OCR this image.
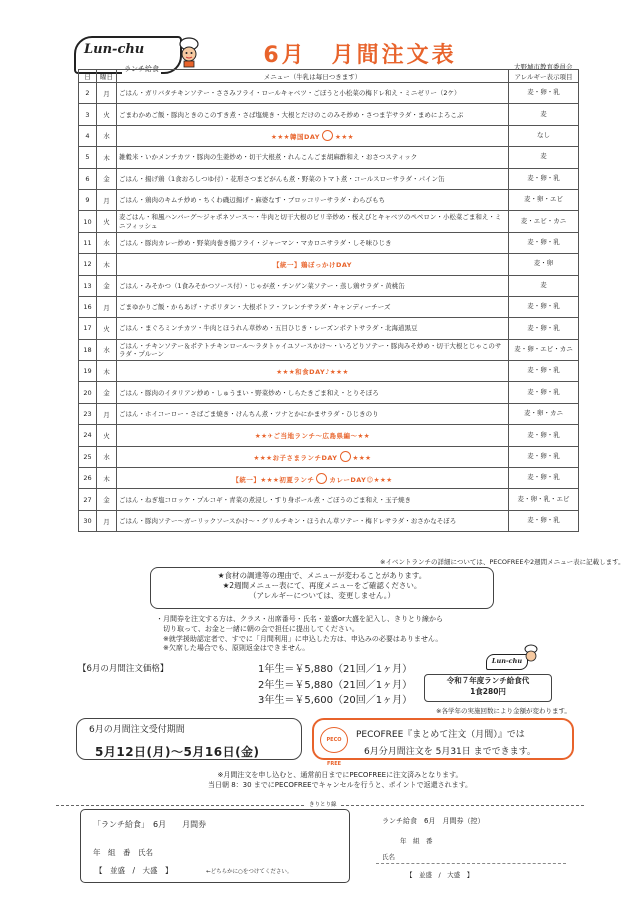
Lun-chu
ランチ給食
6月　月間注文表	大野城市教育委員会
日	曜日	メニュー（牛乳は毎日つきます）	アレルギー表示項目
2	月	ごはん・ガリバタチキンソテー・ささみフライ・ロールキャベツ・ごぼうと小松菜の梅ドレ和え・ミニゼリー（2ケ）	麦・卵・乳
3	火	ごまわかめご飯・豚肉ときのこのすき煮・さば塩焼き・大根とだけのこのみそ炒め・さつま芋サラダ・まめによろこぶ	麦
4	水	★★★韓国DAY ★★★	なし
5	木	雑穀米・いかメンチカツ・豚肉の生姜炒め・切干大根煮・れんこんごま胡麻酢和え・おさつスティック	麦
6	金	ごはん・揚げ鶏（1食おろしつゆ付）・花形さつまどがんも煮・野菜のトマト煮・コールスローサラダ・パイン缶	麦・卵・乳
9	月	ごはん・鶏肉のキムチ炒め・ちくわ磯辺揚げ・麻婆なす・ブロッコリーサラダ・わらびもち	麦・卵・エビ
10	火	麦ごはん・和風ハンバーグ〜ジャポネソース〜・牛肉と切干大根のピリ辛炒め・桜えびとキャベツのペペロン・小松菜ごま和え・ミニフィッシュ	麦・エビ・カニ
11	水	ごはん・豚肉カレー炒め・野菜肉巻き揚フライ・ジャーマン・マカロニサラダ・しそ味ひじき	麦・卵・乳
12	木	【統一】鶏ぼっかけDAY	麦・卵
13	金	ごはん・みそかつ（1食みそかつソース付）・じゃが煮・チンゲン菜ソテー・蒸し鶏サラダ・黄桃缶	麦
16	月	ごまゆかりご飯・からあげ・ナポリタン・大根ポトフ・フレンチサラダ・キャンディーチーズ	麦・卵・乳
17	火	ごはん・まぐろミンチカツ・牛肉とほうれん草炒め・五目ひじき・レーズンポテトサラダ・北海道黒豆	麦・卵・乳
18	水	ごはん・チキンソテー＆ポテトチキンロール〜ラタトゥイユソースかけ〜・いろどりソテー・豚肉みそ炒め・切干大根とじゃこのサラダ・プルーン	麦・卵・エビ・カニ
19	木	★★★和食DAY♪★★★	麦・卵・乳
20	金	ごはん・豚肉のイタリアン炒め・しゅうまい・野菜炒め・しらたきごま和え・とりそぼろ	麦・卵・乳
23	月	ごはん・ホイコーロー・さばごま焼き・けんちん煮・ツナとかにかまサラダ・ひじきのり	麦・卵・カニ
24	火	★★✈ご当地ランチ〜広島県編〜★★	麦・卵・乳
25	水	★★★お子さまランチDAY ★★★	麦・卵・乳
26	木	【統一】★★★初夏ランチ カレーDAY☺★★★	麦・卵・乳
27	金	ごはん・ねぎ塩コロッケ・プルコギ・青菜の煮浸し・すり身ボール煮・ごぼうのごま和え・玉子焼き	麦・卵・乳・エビ
30	月	ごはん・豚肉ソテー〜ガーリックソースかけ〜・グリルチキン・ほうれん草ソテー・梅ドレサラダ・おさかなそぼろ	麦・卵・乳
※イベントランチの詳細については、PECOFREEや2週間メニュー表に記載します。
★食材の調達等の理由で、メニューが変わることがあります。
★2週間メニュー表にて、再度メニューをご確認ください。
（アレルギーについては、変更しません。）
・月間券を注文する方は、クラス・出席番号・氏名・並盛or大盛を記入し、きりとり線から
　切り取って、お金と一緒に朝の会で担任に提出してください。
　※就学援助認定者で、すでに「月間利用」に申込した方は、申込みの必要はありません。
　※欠席した場合でも、原則返金はできません。
【6月の月間注文価格】	1年生＝￥5,880（21回／1ヶ月）
2年生＝￥5,880（21回／1ヶ月）
3年生＝￥5,600（20回／1ヶ月）
Lun-chu
令和７年度ランチ給食代
1食280円
※各学年の実施回数により金額が変わります。
6月の月間注文受付期間
5月12日(月)〜5月16日(金)
PECO FREE
PECOFREE『まとめて注文（月間）』では
6月分月間注文を 5月31日 までできます。
※月間注文を申し込むと、通常前日までにPECOFREEに注文済みとなります。
当日朝 8：30 までにPECOFREEでキャンセルを行うと、ポイントで返還されます。
きりとり線
「ランチ給食」　6月　　月間券
年　組　番　氏名
【　並盛　/　大盛　】	←どちらかに○をつけてください。
ランチ給食　6月　月間券（控）
年　組　番
氏名
【　並盛　/　大盛　】
